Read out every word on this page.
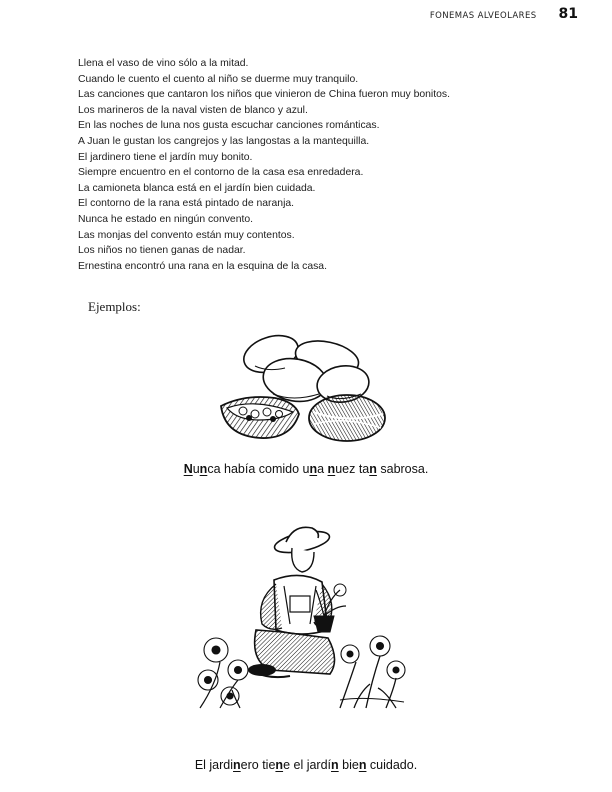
FONEMAS ALVEOLARES 81
Llena el vaso de vino sólo a la mitad.
Cuando le cuento el cuento al niño se duerme muy tranquilo.
Las canciones que cantaron los niños que vinieron de China fueron muy bonitos.
Los marineros de la naval visten de blanco y azul.
En las noches de luna nos gusta escuchar canciones románticas.
A Juan le gustan los cangrejos y las langostas a la mantequilla.
El jardinero tiene el jardín muy bonito.
Siempre encuentro en el contorno de la casa esa enredadera.
La camioneta blanca está en el jardín bien cuidada.
El contorno de la rana está pintado de naranja.
Nunca he estado en ningún convento.
Las monjas del convento están muy contentos.
Los niños no tienen ganas de nadar.
Ernestina encontró una rana en la esquina de la casa.
Ejemplos:
Nunca había comido una nuez tan sabrosa.
El jardinero tiene el jardín bien cuidado.
